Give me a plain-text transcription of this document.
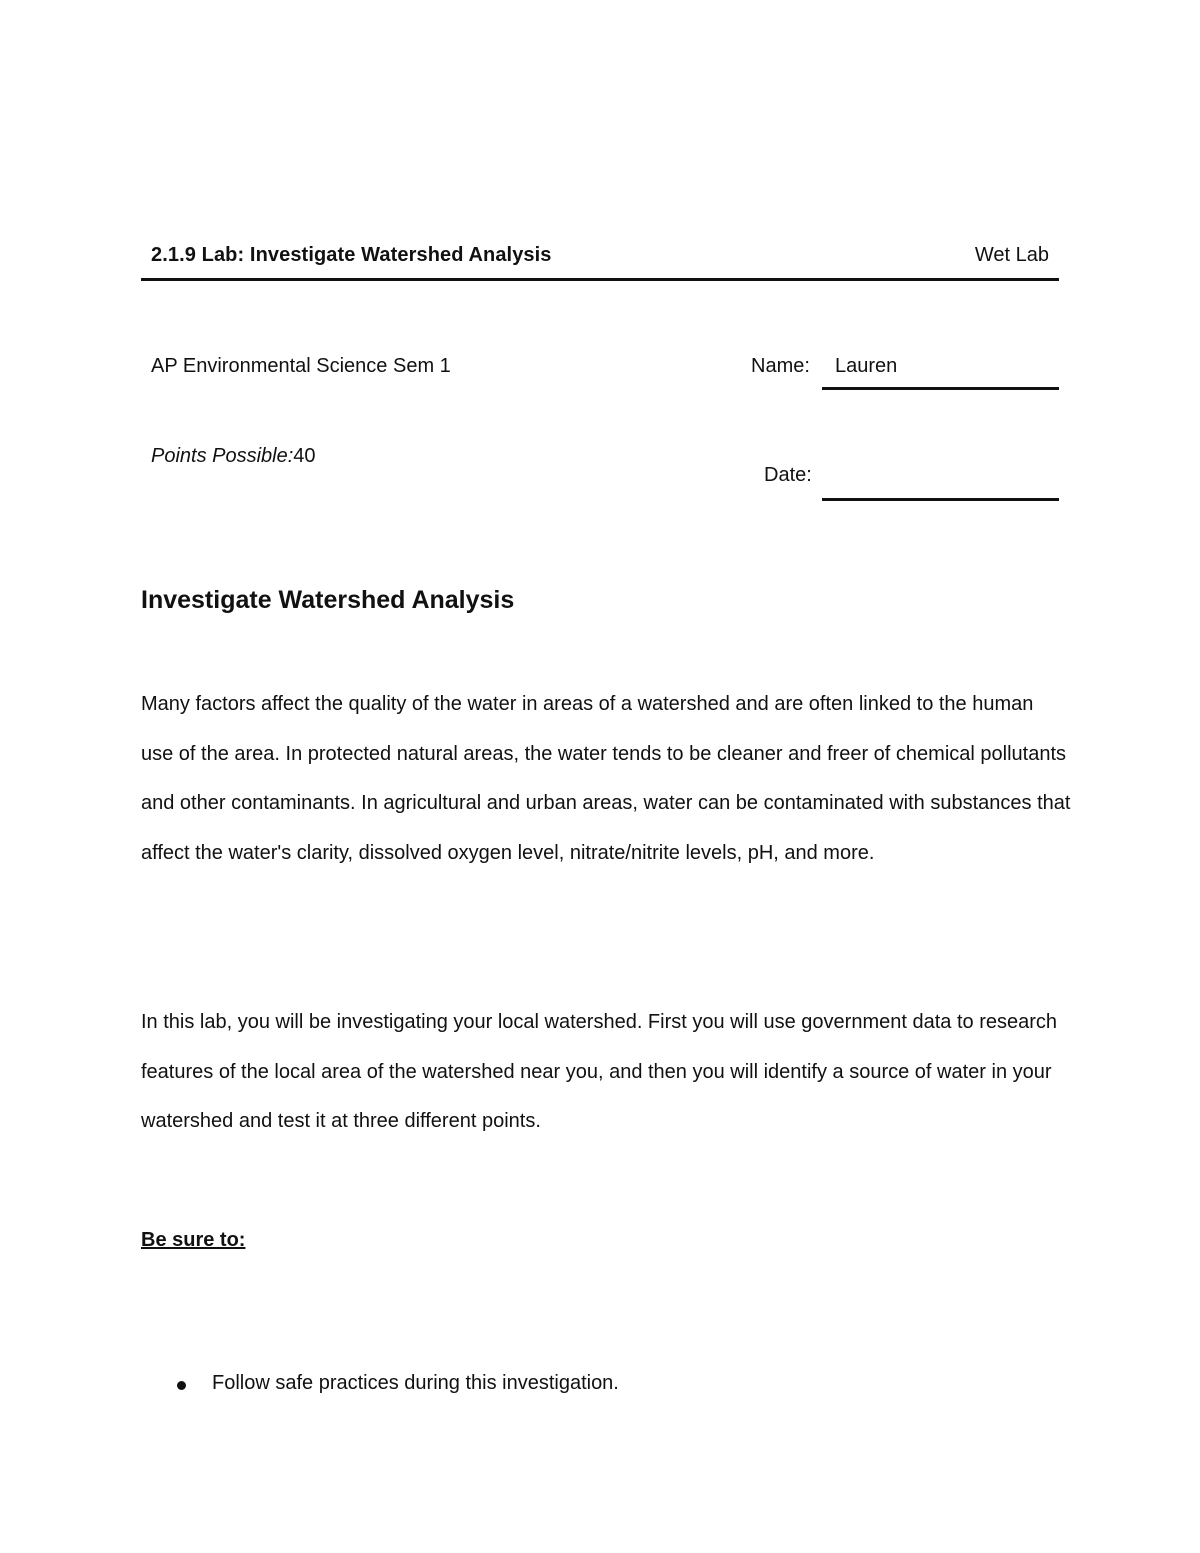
2.1.9 Lab: Investigate Watershed Analysis	Wet Lab
AP Environmental Science Sem 1
Points Possible:40
Name: Lauren
Date:
Investigate Watershed Analysis
Many factors affect the quality of the water in areas of a watershed and are often linked to the human use of the area. In protected natural areas, the water tends to be cleaner and freer of chemical pollutants and other contaminants. In agricultural and urban areas, water can be contaminated with substances that affect the water's clarity, dissolved oxygen level, nitrate/nitrite levels, pH, and more.
In this lab, you will be investigating your local watershed. First you will use government data to research features of the local area of the watershed near you, and then you will identify a source of water in your watershed and test it at three different points.
Be sure to:
Follow safe practices during this investigation.
